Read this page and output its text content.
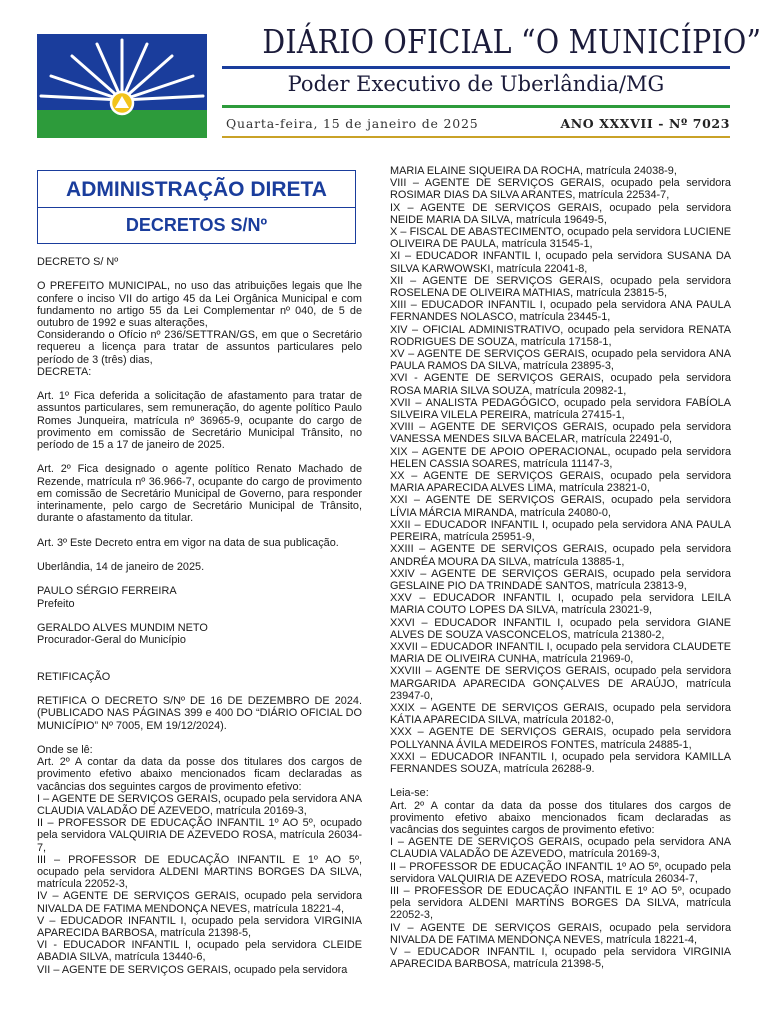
DIÁRIO OFICIAL “O MUNICÍPIO”
Poder Executivo de Uberlândia/MG
Quarta-feira, 15 de janeiro de 2025	ANO XXXVII - Nº 7023
ADMINISTRAÇÃO DIRETA
DECRETOS S/Nº

DECRETO S/ Nº

O PREFEITO MUNICIPAL, no uso das atribuições legais que lhe confere o inciso VII do artigo 45 da Lei Orgânica Municipal e com fundamento no artigo 55 da Lei Complementar nº 040, de 5 de outubro de 1992 e suas alterações,

Considerando o Ofício nº 236/SETTRAN/GS, em que o Secretário requereu a licença para tratar de assuntos particulares pelo período de 3 (três) dias,

DECRETA:

Art. 1º Fica deferida a solicitação de afastamento para tratar de assuntos particulares, sem remuneração, do agente político Paulo Romes Junqueira, matrícula nº 36965-9, ocupante do cargo de provimento em comissão de Secretário Municipal Trânsito, no período de 15 a 17 de janeiro de 2025.

Art. 2º Fica designado o agente político Renato Machado de Rezende, matrícula nº 36.966-7, ocupante do cargo de provimento em comissão de Secretário Municipal de Governo, para responder interinamente, pelo cargo de Secretário Municipal de Trânsito, durante o afastamento da titular.

Art. 3º Este Decreto entra em vigor na data de sua publicação.

Uberlândia, 14 de janeiro de 2025.

PAULO SÉRGIO FERREIRA

Prefeito

GERALDO ALVES MUNDIM NETO

Procurador-Geral do Município

RETIFICAÇÃO

RETIFICA O DECRETO S/Nº DE 16 DE DEZEMBRO DE 2024. (PUBLICADO NAS PÁGINAS 399 e 400 DO “DIÁRIO OFICIAL DO MUNICÍPIO” Nº 7005, EM 19/12/2024).

Onde se lê:

Art. 2º A contar da data da posse dos titulares dos cargos de provimento efetivo abaixo mencionados ficam declaradas as vacâncias dos seguintes cargos de provimento efetivo:

I – AGENTE DE SERVIÇOS GERAIS, ocupado pela servidora ANA CLAUDIA VALADÃO DE AZEVEDO, matrícula 20169-3,

II – PROFESSOR DE EDUCAÇÃO INFANTIL 1º AO 5º, ocupado pela servidora VALQUIRIA DE AZEVEDO ROSA, matrícula 26034-7,

III – PROFESSOR DE EDUCAÇÃO INFANTIL E 1º AO 5º, ocupado pela servidora ALDENI MARTINS BORGES DA SILVA, matrícula 22052-3,

IV – AGENTE DE SERVIÇOS GERAIS, ocupado pela servidora NIVALDA DE FATIMA MENDONÇA NEVES, matrícula 18221-4,

V – EDUCADOR INFANTIL I, ocupado pela servidora VIRGINIA APARECIDA BARBOSA, matrícula 21398-5,

VI - EDUCADOR INFANTIL I, ocupado pela servidora CLEIDE ABADIA SILVA, matrícula 13440-6,

VII – AGENTE DE SERVIÇOS GERAIS, ocupado pela servidora

MARIA ELAINE SIQUEIRA DA ROCHA, matrícula 24038-9,

VIII – AGENTE DE SERVIÇOS GERAIS, ocupado pela servidora ROSIMAR DIAS DA SILVA ARANTES, matrícula 22534-7,

IX – AGENTE DE SERVIÇOS GERAIS, ocupado pela servidora NEIDE MARIA DA SILVA, matrícula 19649-5,

X – FISCAL DE ABASTECIMENTO, ocupado pela servidora LUCIENE OLIVEIRA DE PAULA, matrícula 31545-1,

XI – EDUCADOR INFANTIL I, ocupado pela servidora SUSANA DA SILVA KARWOWSKI, matrícula 22041-8,

XII – AGENTE DE SERVIÇOS GERAIS, ocupado pela servidora ROSELENA DE OLIVEIRA MATHIAS, matrícula 23815-5,

XIII – EDUCADOR INFANTIL I, ocupado pela servidora ANA PAULA FERNANDES NOLASCO, matrícula 23445-1,

XIV – OFICIAL ADMINISTRATIVO, ocupado pela servidora RENATA RODRIGUES DE SOUZA, matrícula 17158-1,

XV – AGENTE DE SERVIÇOS GERAIS, ocupado pela servidora ANA PAULA RAMOS DA SILVA, matrícula 23895-3,

XVI - AGENTE DE SERVIÇOS GERAIS, ocupado pela servidora ROSA MARIA SILVA SOUZA, matrícula 20982-1,

XVII – ANALISTA PEDAGÓGICO, ocupado pela servidora FABÍOLA SILVEIRA VILELA PEREIRA, matrícula 27415-1,

XVIII – AGENTE DE SERVIÇOS GERAIS, ocupado pela servidora VANESSA MENDES SILVA BACELAR, matrícula 22491-0,

XIX – AGENTE DE APOIO OPERACIONAL, ocupado pela servidora HELEN CASSIA SOARES, matrícula 11147-3,

XX – AGENTE DE SERVIÇOS GERAIS, ocupado pela servidora MARIA APARECIDA ALVES LIMA, matrícula 23821-0,

XXI – AGENTE DE SERVIÇOS GERAIS, ocupado pela servidora LÍVIA MÁRCIA MIRANDA, matrícula 24080-0,

XXII – EDUCADOR INFANTIL I, ocupado pela servidora ANA PAULA PEREIRA, matrícula 25951-9,

XXIII – AGENTE DE SERVIÇOS GERAIS, ocupado pela servidora ANDRÉA MOURA DA SILVA, matrícula 13885-1,

XXIV – AGENTE DE SERVIÇOS GERAIS, ocupado pela servidora GESLAINE PIO DA TRINDADE SANTOS, matrícula 23813-9,

XXV – EDUCADOR INFANTIL I, ocupado pela servidora LEILA MARIA COUTO LOPES DA SILVA, matrícula 23021-9,

XXVI – EDUCADOR INFANTIL I, ocupado pela servidora GIANE ALVES DE SOUZA VASCONCELOS, matrícula 21380-2,

XXVII – EDUCADOR INFANTIL I, ocupado pela servidora CLAUDETE MARIA DE OLIVEIRA CUNHA, matrícula 21969-0,

XXVIII – AGENTE DE SERVIÇOS GERAIS, ocupado pela servidora MARGARIDA APARECIDA GONÇALVES DE ARAÚJO, matrícula 23947-0,

XXIX – AGENTE DE SERVIÇOS GERAIS, ocupado pela servidora KÁTIA APARECIDA SILVA, matrícula 20182-0,

XXX – AGENTE DE SERVIÇOS GERAIS, ocupado pela servidora POLLYANNA ÁVILA MEDEIROS FONTES, matrícula 24885-1,

XXXI – EDUCADOR INFANTIL I, ocupado pela servidora KAMILLA FERNANDES SOUZA, matrícula 26288-9.

Leia-se:

Art. 2º A contar da data da posse dos titulares dos cargos de provimento efetivo abaixo mencionados ficam declaradas as vacâncias dos seguintes cargos de provimento efetivo:

I – AGENTE DE SERVIÇOS GERAIS, ocupado pela servidora ANA CLAUDIA VALADÃO DE AZEVEDO, matrícula 20169-3,

II – PROFESSOR DE EDUCAÇÃO INFANTIL 1º AO 5º, ocupado pela servidora VALQUIRIA DE AZEVEDO ROSA, matrícula 26034-7,

III – PROFESSOR DE EDUCAÇÃO INFANTIL E 1º AO 5º, ocupado pela servidora ALDENI MARTINS BORGES DA SILVA, matrícula 22052-3,

IV – AGENTE DE SERVIÇOS GERAIS, ocupado pela servidora NIVALDA DE FATIMA MENDONÇA NEVES, matrícula 18221-4,

V – EDUCADOR INFANTIL I, ocupado pela servidora VIRGINIA APARECIDA BARBOSA, matrícula 21398-5,
